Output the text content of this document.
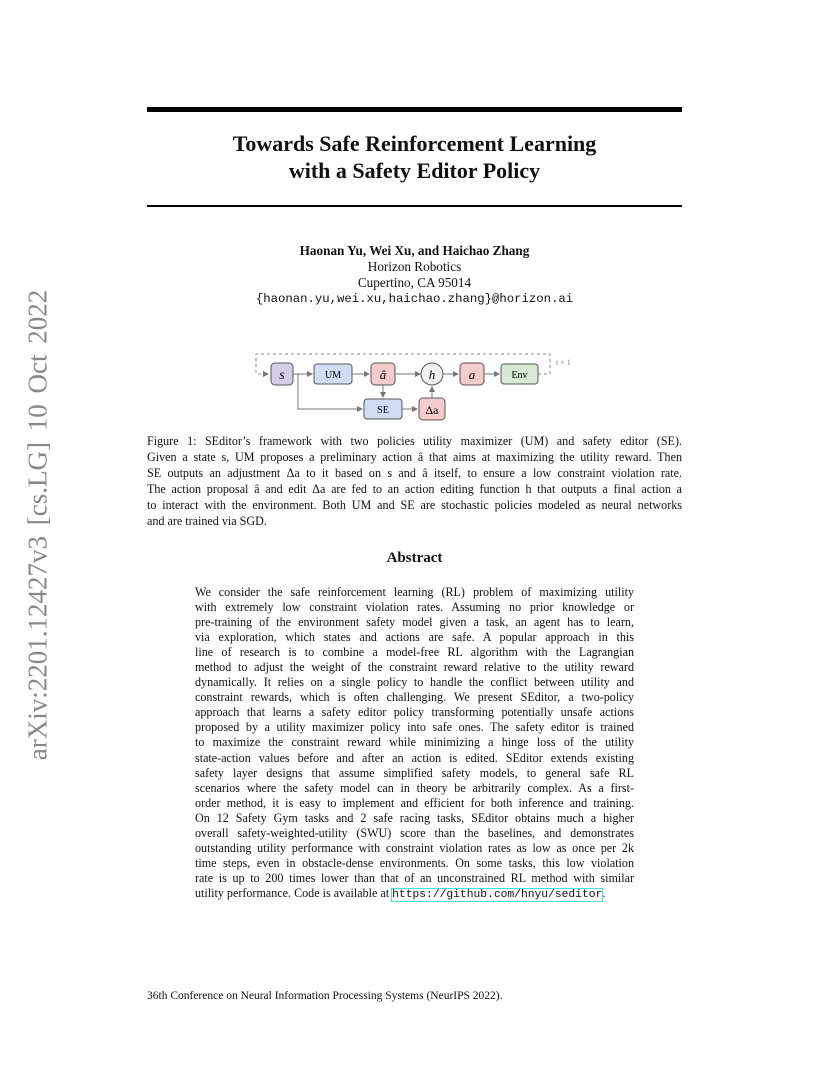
arXiv:2201.12427v3 [cs.LG] 10 Oct 2022
Towards Safe Reinforcement Learning
with a Safety Editor Policy
Haonan Yu, Wei Xu, and Haichao Zhang
Horizon Robotics
Cupertino, CA 95014
{haonan.yu,wei.xu,haichao.zhang}@horizon.ai
t + 1
s	UM	â	h	a	Env
SE	Δa
Figure 1: SEditor’s framework with two policies utility maximizer (UM) and safety editor (SE).
Given a state s, UM proposes a preliminary action â that aims at maximizing the utility reward. Then
SE outputs an adjustment Δa to it based on s and â itself, to ensure a low constraint violation rate.
The action proposal â and edit Δa are fed to an action editing function h that outputs a final action a
to interact with the environment. Both UM and SE are stochastic policies modeled as neural networks
and are trained via SGD.
Abstract
We consider the safe reinforcement learning (RL) problem of maximizing utility
with extremely low constraint violation rates. Assuming no prior knowledge or
pre-training of the environment safety model given a task, an agent has to learn,
via exploration, which states and actions are safe. A popular approach in this
line of research is to combine a model-free RL algorithm with the Lagrangian
method to adjust the weight of the constraint reward relative to the utility reward
dynamically. It relies on a single policy to handle the conflict between utility and
constraint rewards, which is often challenging. We present SEditor, a two-policy
approach that learns a safety editor policy transforming potentially unsafe actions
proposed by a utility maximizer policy into safe ones. The safety editor is trained
to maximize the constraint reward while minimizing a hinge loss of the utility
state-action values before and after an action is edited. SEditor extends existing
safety layer designs that assume simplified safety models, to general safe RL
scenarios where the safety model can in theory be arbitrarily complex. As a first-
order method, it is easy to implement and efficient for both inference and training.
On 12 Safety Gym tasks and 2 safe racing tasks, SEditor obtains much a higher
overall safety-weighted-utility (SWU) score than the baselines, and demonstrates
outstanding utility performance with constraint violation rates as low as once per 2k
time steps, even in obstacle-dense environments. On some tasks, this low violation
rate is up to 200 times lower than that of an unconstrained RL method with similar
utility performance. Code is available at https://github.com/hnyu/seditor.
36th Conference on Neural Information Processing Systems (NeurIPS 2022).
